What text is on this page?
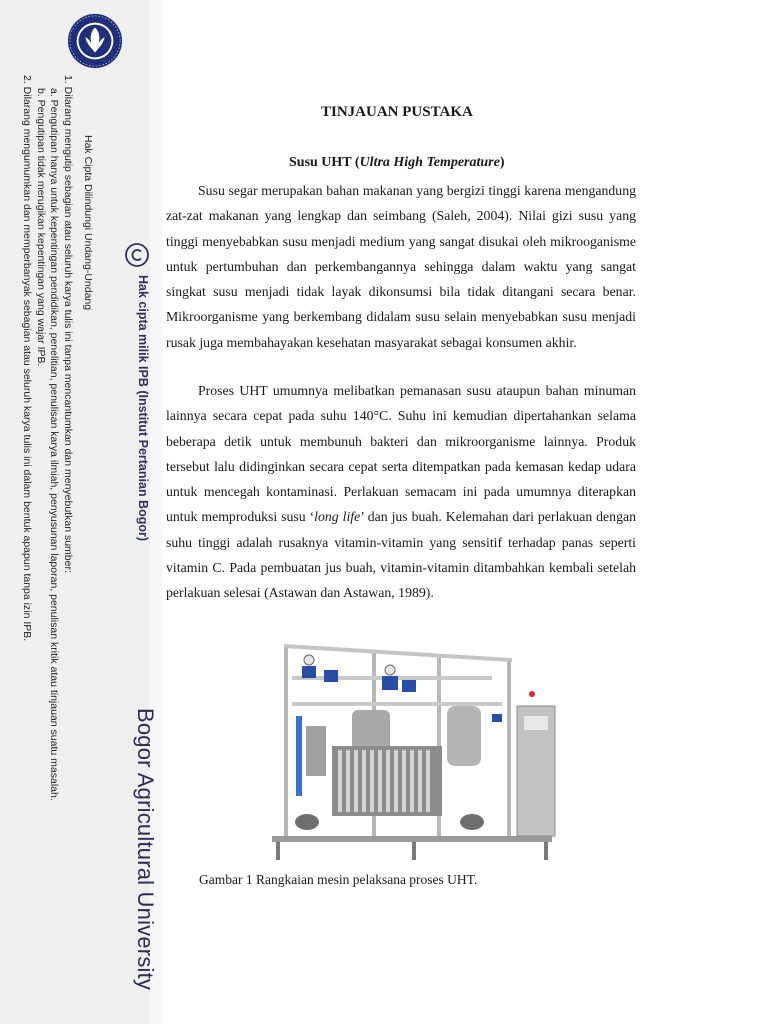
Hak Cipta Dilindungi Undang-Undang
1. Dilarang mengutip sebagian atau seluruh karya tulis ini tanpa mencantumkan dan menyebutkan sumber:
a. Pengutipan hanya untuk kepentingan pendidikan, penelitian, penulisan karya ilmiah, penyusunan laporan, penulisan kritik atau tinjauan suatu masalah.
b. Pengutipan tidak merugikan kepentingan yang wajar IPB.
2. Dilarang mengumumkan dan memperbanyak sebagian atau seluruh karya tulis ini dalam bentuk apapun tanpa izin IPB.	Hak cipta milik IPB (Institut Pertanian Bogor)
Bogor Agricultural University
TINJAUAN PUSTAKA
Susu UHT (Ultra High Temperature)
Susu segar merupakan bahan makanan yang bergizi tinggi karena mengandung zat-zat makanan yang lengkap dan seimbang (Saleh, 2004). Nilai gizi susu yang tinggi menyebabkan susu menjadi medium yang sangat disukai oleh mikrooganisme untuk pertumbuhan dan perkembangannya sehingga dalam waktu yang sangat singkat susu menjadi tidak layak dikonsumsi bila tidak ditangani secara benar. Mikroorganisme yang berkembang didalam susu selain menyebabkan susu menjadi rusak juga membahayakan kesehatan masyarakat sebagai konsumen akhir.
Proses UHT umumnya melibatkan pemanasan susu ataupun bahan minuman lainnya secara cepat pada suhu 140°C. Suhu ini kemudian dipertahankan selama beberapa detik untuk membunuh bakteri dan mikroorganisme lainnya. Produk tersebut lalu didinginkan secara cepat serta ditempatkan pada kemasan kedap udara untuk mencegah kontaminasi. Perlakuan semacam ini pada umumnya diterapkan untuk memproduksi susu ‘long life’ dan jus buah. Kelemahan dari perlakuan dengan suhu tinggi adalah rusaknya vitamin-vitamin yang sensitif terhadap panas seperti vitamin C. Pada pembuatan jus buah, vitamin-vitamin ditambahkan kembali setelah perlakuan selesai (Astawan dan Astawan, 1989).
Gambar 1 Rangkaian mesin pelaksana proses UHT.
